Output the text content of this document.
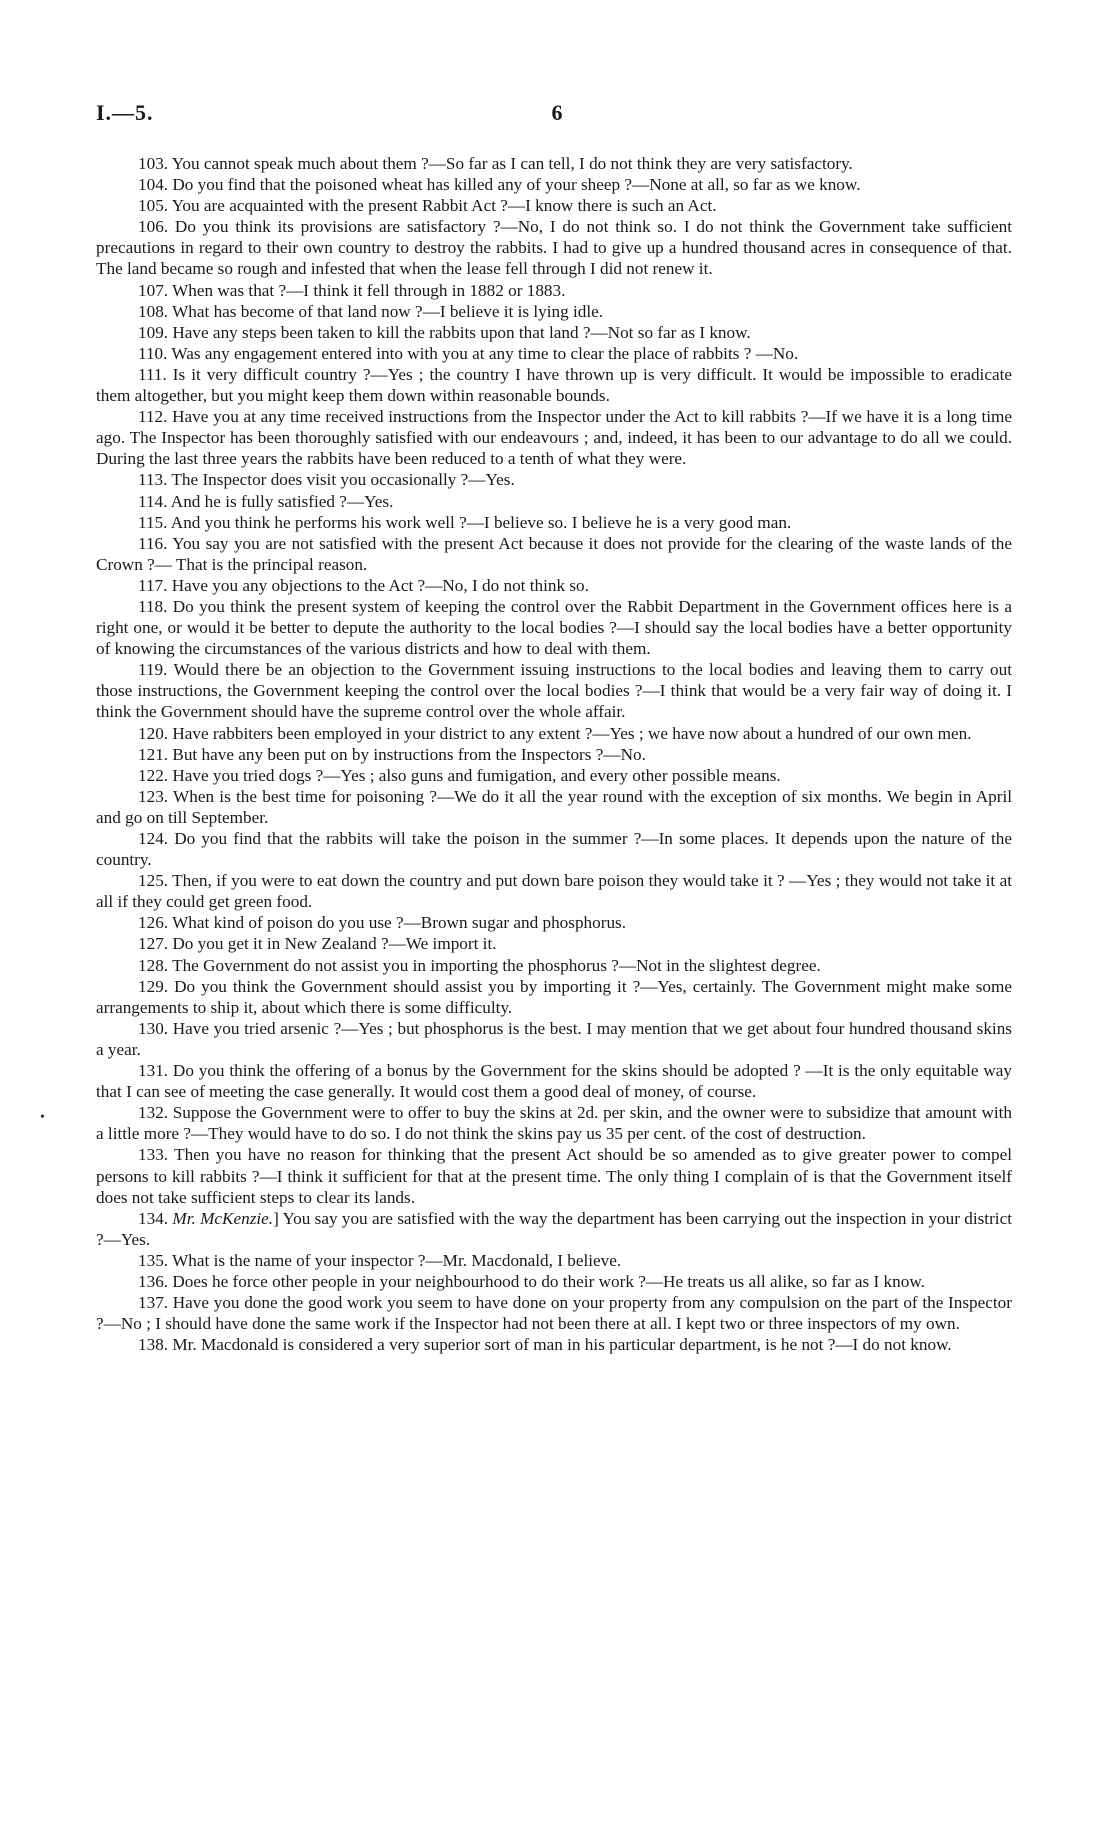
I.—5.	6

103. You cannot speak much about them ?—So far as I can tell, I do not think they are very satisfactory.

104. Do you find that the poisoned wheat has killed any of your sheep ?—None at all, so far as we know.

105. You are acquainted with the present Rabbit Act ?—I know there is such an Act.

106. Do you think its provisions are satisfactory ?—No, I do not think so. I do not think the Government take sufficient precautions in regard to their own country to destroy the rabbits. I had to give up a hundred thousand acres in consequence of that. The land became so rough and infested that when the lease fell through I did not renew it.

107. When was that ?—I think it fell through in 1882 or 1883.

108. What has become of that land now ?—I believe it is lying idle.

109. Have any steps been taken to kill the rabbits upon that land ?—Not so far as I know.

110. Was any engagement entered into with you at any time to clear the place of rabbits ? —No.

111. Is it very difficult country ?—Yes ; the country I have thrown up is very difficult. It would be impossible to eradicate them altogether, but you might keep them down within reasonable bounds.

112. Have you at any time received instructions from the Inspector under the Act to kill rabbits ?—If we have it is a long time ago. The Inspector has been thoroughly satisfied with our endeavours ; and, indeed, it has been to our advantage to do all we could. During the last three years the rabbits have been reduced to a tenth of what they were.

113. The Inspector does visit you occasionally ?—Yes.

114. And he is fully satisfied ?—Yes.

115. And you think he performs his work well ?—I believe so. I believe he is a very good man.

116. You say you are not satisfied with the present Act because it does not provide for the clearing of the waste lands of the Crown ?— That is the principal reason.

117. Have you any objections to the Act ?—No, I do not think so.

118. Do you think the present system of keeping the control over the Rabbit Department in the Government offices here is a right one, or would it be better to depute the authority to the local bodies ?—I should say the local bodies have a better opportunity of knowing the circumstances of the various districts and how to deal with them.

119. Would there be an objection to the Government issuing instructions to the local bodies and leaving them to carry out those instructions, the Government keeping the control over the local bodies ?—I think that would be a very fair way of doing it. I think the Government should have the supreme control over the whole affair.

120. Have rabbiters been employed in your district to any extent ?—Yes ; we have now about a hundred of our own men.

121. But have any been put on by instructions from the Inspectors ?—No.

122. Have you tried dogs ?—Yes ; also guns and fumigation, and every other possible means.

123. When is the best time for poisoning ?—We do it all the year round with the exception of six months. We begin in April and go on till September.

124. Do you find that the rabbits will take the poison in the summer ?—In some places. It depends upon the nature of the country.

125. Then, if you were to eat down the country and put down bare poison they would take it ? —Yes ; they would not take it at all if they could get green food.

126. What kind of poison do you use ?—Brown sugar and phosphorus.

127. Do you get it in New Zealand ?—We import it.

128. The Government do not assist you in importing the phosphorus ?—Not in the slightest degree.

129. Do you think the Government should assist you by importing it ?—Yes, certainly. The Government might make some arrangements to ship it, about which there is some difficulty.

130. Have you tried arsenic ?—Yes ; but phosphorus is the best. I may mention that we get about four hundred thousand skins a year.

131. Do you think the offering of a bonus by the Government for the skins should be adopted ? —It is the only equitable way that I can see of meeting the case generally. It would cost them a good deal of money, of course.

132. Suppose the Government were to offer to buy the skins at 2d. per skin, and the owner were to subsidize that amount with a little more ?—They would have to do so. I do not think the skins pay us 35 per cent. of the cost of destruction.

133. Then you have no reason for thinking that the present Act should be so amended as to give greater power to compel persons to kill rabbits ?—I think it sufficient for that at the present time. The only thing I complain of is that the Government itself does not take sufficient steps to clear its lands.

134. Mr. McKenzie.] You say you are satisfied with the way the department has been carrying out the inspection in your district ?—Yes.

135. What is the name of your inspector ?—Mr. Macdonald, I believe.

136. Does he force other people in your neighbourhood to do their work ?—He treats us all alike, so far as I know.

137. Have you done the good work you seem to have done on your property from any compulsion on the part of the Inspector ?—No ; I should have done the same work if the Inspector had not been there at all. I kept two or three inspectors of my own.

138. Mr. Macdonald is considered a very superior sort of man in his particular department, is he not ?—I do not know.

•
